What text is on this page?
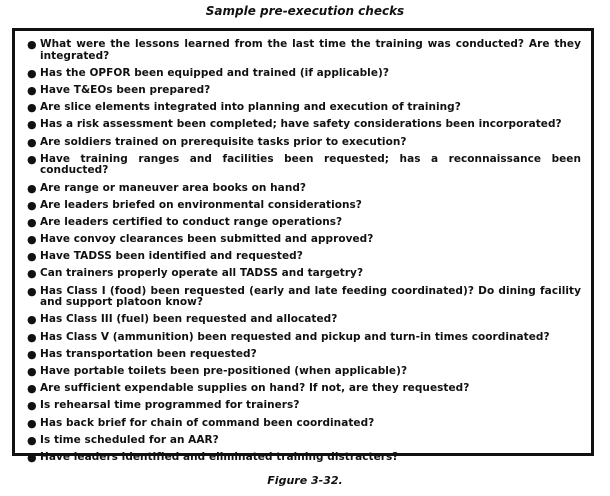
Sample pre-execution checks
● What were the lessons learned from the last time the training was conducted? Are they integrated?
● Has the OPFOR been equipped and trained (if applicable)?
● Have T&EOs been prepared?
● Are slice elements integrated into planning and execution of training?
● Has a risk assessment been completed; have safety considerations been incorporated?
● Are soldiers trained on prerequisite tasks prior to execution?
● Have training ranges and facilities been requested; has a reconnaissance been conducted?
● Are range or maneuver area books on hand?
● Are leaders briefed on environmental considerations?
● Are leaders certified to conduct range operations?
● Have convoy clearances been submitted and approved?
● Have TADSS been identified and requested?
● Can trainers properly operate all TADSS and targetry?
● Has Class I (food) been requested (early and late feeding coordinated)? Do dining facility and support platoon know?
● Has Class III (fuel) been requested and allocated?
● Has Class V (ammunition) been requested and pickup and turn-in times coordinated?
● Has transportation been requested?
● Have portable toilets been pre-positioned (when applicable)?
● Are sufficient expendable supplies on hand? If not, are they requested?
● Is rehearsal time programmed for trainers?
● Has back brief for chain of command been coordinated?
● Is time scheduled for an AAR?
● Have leaders identified and eliminated training distracters?
Figure 3-32.
